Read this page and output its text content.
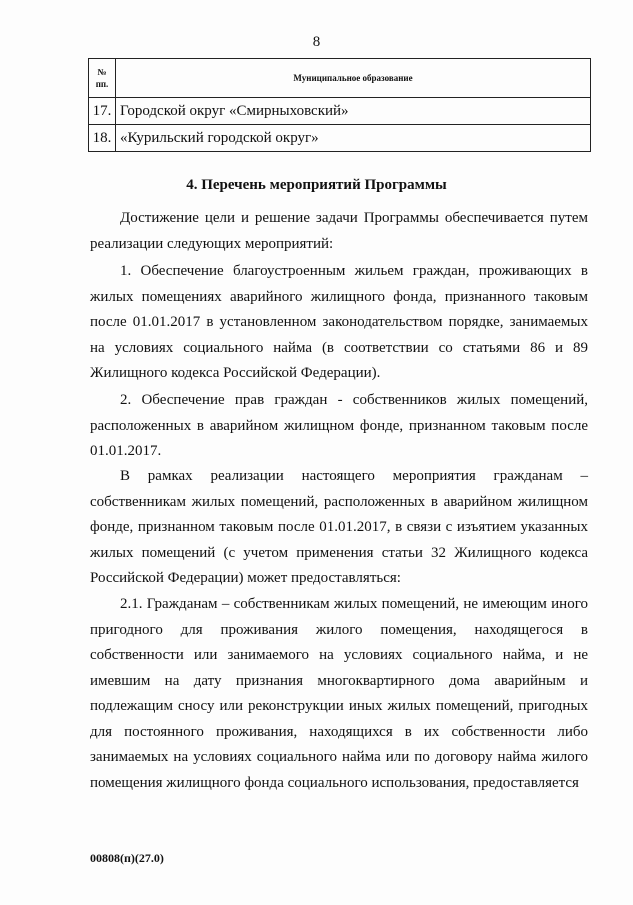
8
№ пп.	Муниципальное образование
17.	Городской округ «Смирныховский»
18.	«Курильский городской округ»
4. Перечень мероприятий Программы

Достижение цели и решение задачи Программы обеспечивается путем реализации следующих мероприятий:

1. Обеспечение благоустроенным жильем граждан, проживающих в жилых помещениях аварийного жилищного фонда, признанного таковым после 01.01.2017 в установленном законодательством порядке, занимаемых на условиях социального найма (в соответствии со статьями 86 и 89 Жилищного кодекса Российской Федерации).

2. Обеспечение прав граждан - собственников жилых помещений, расположенных в аварийном жилищном фонде, признанном таковым после 01.01.2017.

В рамках реализации настоящего мероприятия гражданам – собственникам жилых помещений, расположенных в аварийном жилищном фонде, признанном таковым после 01.01.2017, в связи с изъятием указанных жилых помещений (с учетом применения статьи 32 Жилищного кодекса Российской Федерации) может предоставляться:

2.1. Гражданам – собственникам жилых помещений, не имеющим иного пригодного для проживания жилого помещения, находящегося в собственности или занимаемого на условиях социального найма, и не имевшим на дату признания многоквартирного дома аварийным и подлежащим сносу или реконструкции иных жилых помещений, пригодных для постоянного проживания, находящихся в их собственности либо занимаемых на условиях социального найма или по договору найма жилого помещения жилищного фонда социального использования, предоставляется

00808(п)(27.0)
